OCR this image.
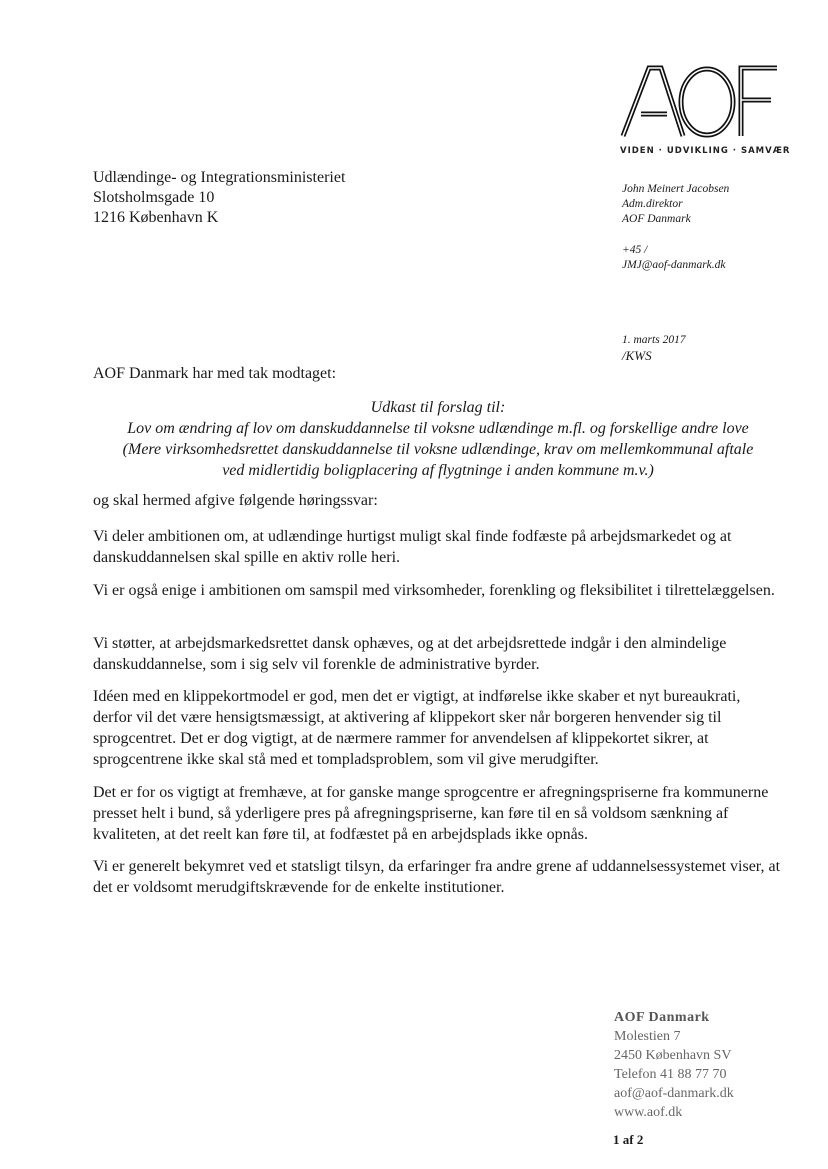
AOF
VIDEN · UDVIKLING · SAMVÆR
Udlændinge- og Integrationsministeriet
Slotsholmsgade 10
1216 København K
John Meinert Jacobsen
Adm.direktor
AOF Danmark
+45 /
JMJ@aof-danmark.dk
1. marts 2017
/KWS
AOF Danmark har med tak modtaget:
Udkast til forslag til:
Lov om ændring af lov om danskuddannelse til voksne udlændinge m.fl. og forskellige andre love
(Mere virksomhedsrettet danskuddannelse til voksne udlændinge, krav om mellemkommunal aftale
ved midlertidig boligplacering af flygtninge i anden kommune m.v.)
og skal hermed afgive følgende høringssvar:
Vi deler ambitionen om, at udlændinge hurtigst muligt skal finde fodfæste på arbejdsmarkedet og at danskuddannelsen skal spille en aktiv rolle heri.
Vi er også enige i ambitionen om samspil med virksomheder, forenkling og fleksibilitet i tilrettelæggelsen.
Vi støtter, at arbejdsmarkedsrettet dansk ophæves, og at det arbejdsrettede indgår i den almindelige danskuddannelse, som i sig selv vil forenkle de administrative byrder.
Idéen med en klippekortmodel er god, men det er vigtigt, at indførelse ikke skaber et nyt bureaukrati, derfor vil det være hensigtsmæssigt, at aktivering af klippekort sker når borgeren henvender sig til sprogcentret. Det er dog vigtigt, at de nærmere rammer for anvendelsen af klippekortet sikrer, at sprogcentrene ikke skal stå med et tompladsproblem, som vil give merudgifter.
Det er for os vigtigt at fremhæve, at for ganske mange sprogcentre er afregningspriserne fra kommunerne presset helt i bund, så yderligere pres på afregningspriserne, kan føre til en så voldsom sænkning af kvaliteten, at det reelt kan føre til, at fodfæstet på en arbejdsplads ikke opnås.
Vi er generelt bekymret ved et statsligt tilsyn, da erfaringer fra andre grene af uddannelsessystemet viser, at det er voldsomt merudgiftskrævende for de enkelte institutioner.
AOF Danmark
Molestien 7
2450 København SV
Telefon 41 88 77 70
aof@aof-danmark.dk
www.aof.dk
1 af 2
